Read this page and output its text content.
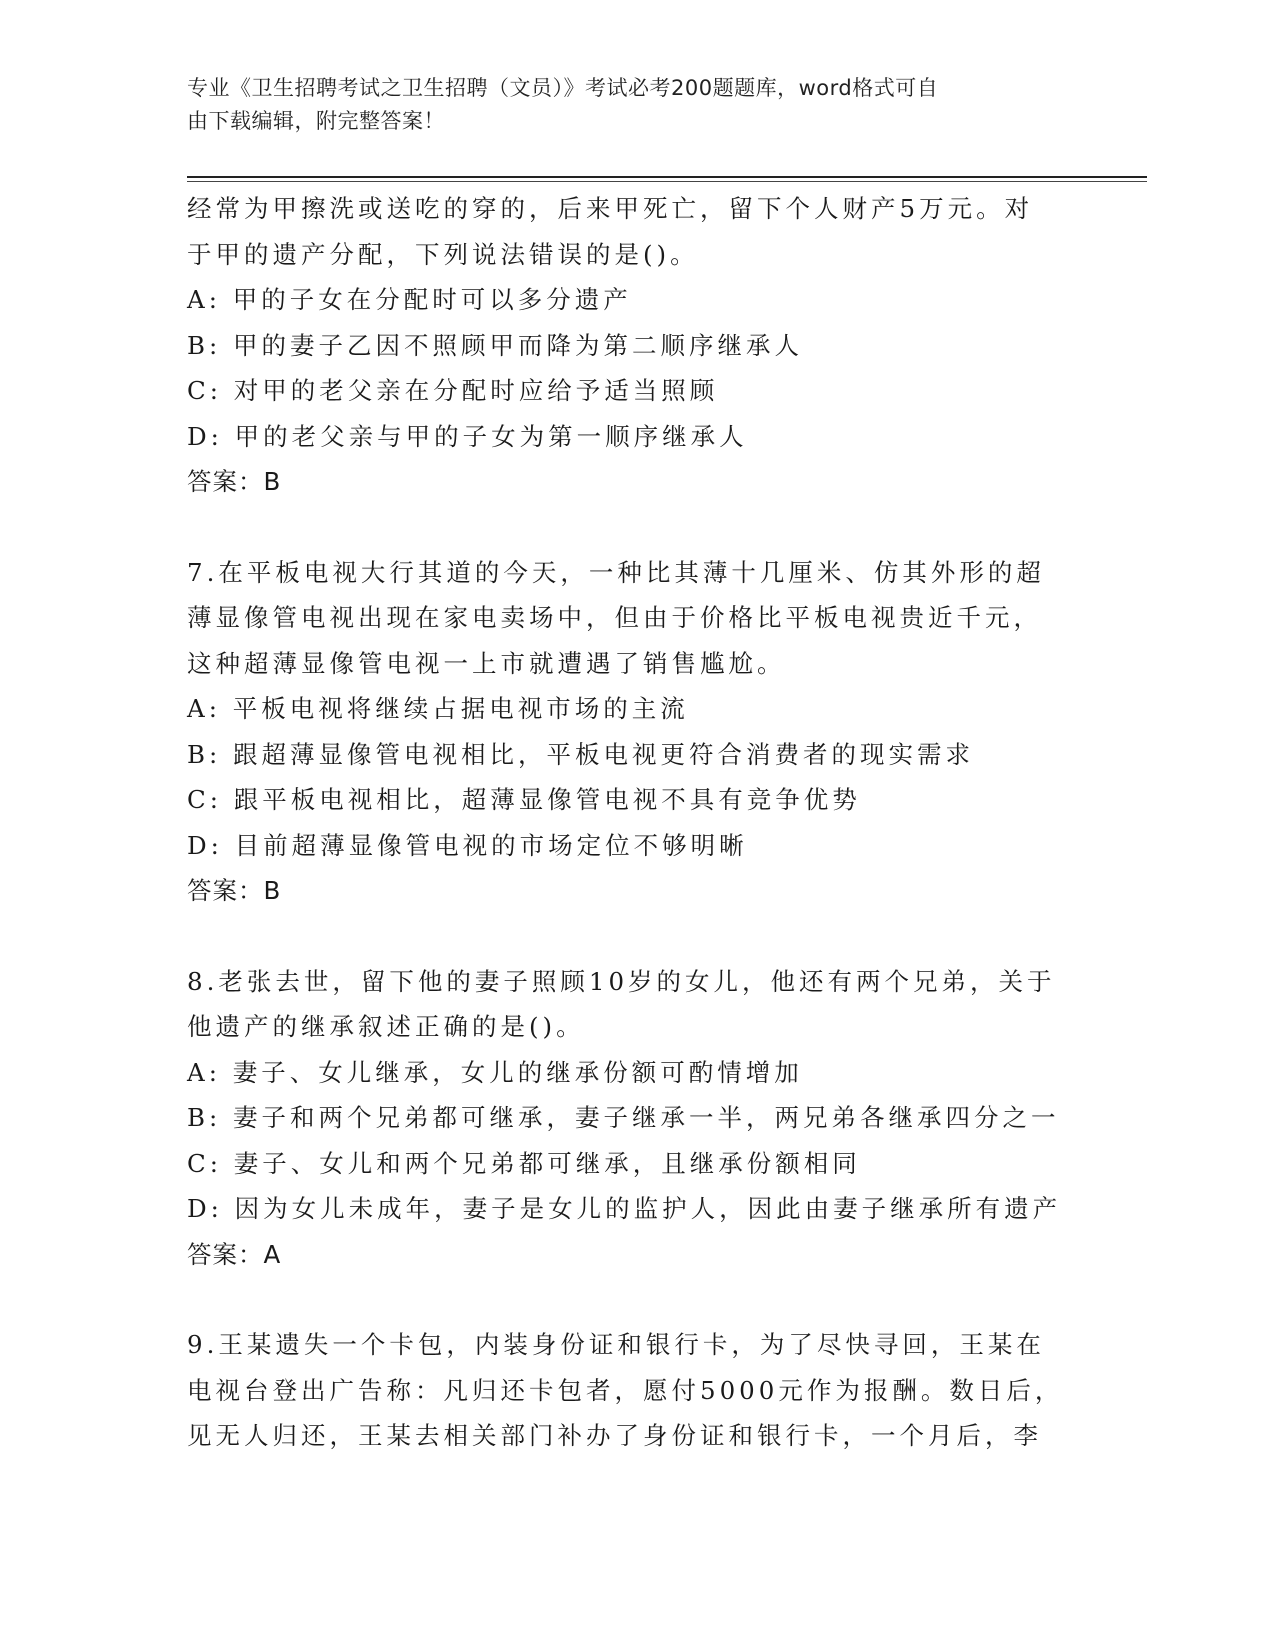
专业《卫生招聘考试之卫生招聘（文员）》考试必考200题题库，word格式可自
由下载编辑，附完整答案！
经常为甲擦洗或送吃的穿的，后来甲死亡，留下个人财产5万元。对
于甲的遗产分配，下列说法错误的是()。
A: 甲的子女在分配时可以多分遗产
B: 甲的妻子乙因不照顾甲而降为第二顺序继承人
C: 对甲的老父亲在分配时应给予适当照顾
D: 甲的老父亲与甲的子女为第一顺序继承人
答案：B
7.在平板电视大行其道的今天，一种比其薄十几厘米、仿其外形的超
薄显像管电视出现在家电卖场中，但由于价格比平板电视贵近千元，
这种超薄显像管电视一上市就遭遇了销售尴尬。
A: 平板电视将继续占据电视市场的主流
B: 跟超薄显像管电视相比，平板电视更符合消费者的现实需求
C: 跟平板电视相比，超薄显像管电视不具有竞争优势
D: 目前超薄显像管电视的市场定位不够明晰
答案：B
8.老张去世，留下他的妻子照顾10岁的女儿，他还有两个兄弟，关于
他遗产的继承叙述正确的是()。
A: 妻子、女儿继承，女儿的继承份额可酌情增加
B: 妻子和两个兄弟都可继承，妻子继承一半，两兄弟各继承四分之一
C: 妻子、女儿和两个兄弟都可继承，且继承份额相同
D: 因为女儿未成年，妻子是女儿的监护人，因此由妻子继承所有遗产
答案：A
9.王某遗失一个卡包，内装身份证和银行卡，为了尽快寻回，王某在
电视台登出广告称：凡归还卡包者，愿付5000元作为报酬。数日后，
见无人归还，王某去相关部门补办了身份证和银行卡，一个月后，李
